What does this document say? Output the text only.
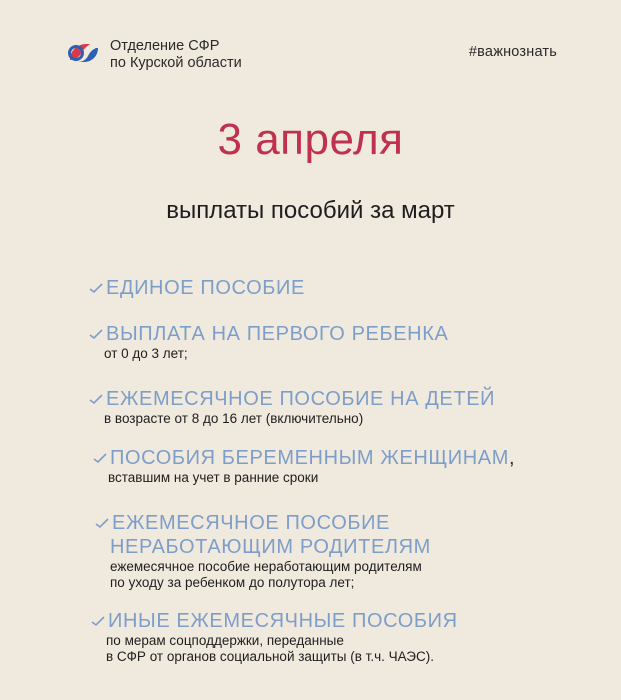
Отделение СФР
по Курской области
#важнознать
3 апреля
выплаты пособий за март
ЕДИНОЕ ПОСОБИЕ
ВЫПЛАТА НА ПЕРВОГО РЕБЕНКА
от 0 до 3 лет;
ЕЖЕМЕСЯЧНОЕ ПОСОБИЕ НА ДЕТЕЙ
в возрасте от 8 до 16 лет (включительно)
ПОСОБИЯ БЕРЕМЕННЫМ ЖЕНЩИНАМ ,
вставшим на учет в ранние сроки
ЕЖЕМЕСЯЧНОЕ ПОСОБИЕ
НЕРАБОТАЮЩИМ РОДИТЕЛЯМ
ежемесячное пособие неработающим родителям
по уходу за ребенком до полутора лет;
ИНЫЕ ЕЖЕМЕСЯЧНЫЕ ПОСОБИЯ
по мерам соцподдержки, переданные
в СФР от органов социальной защиты (в т.ч. ЧАЭС).
